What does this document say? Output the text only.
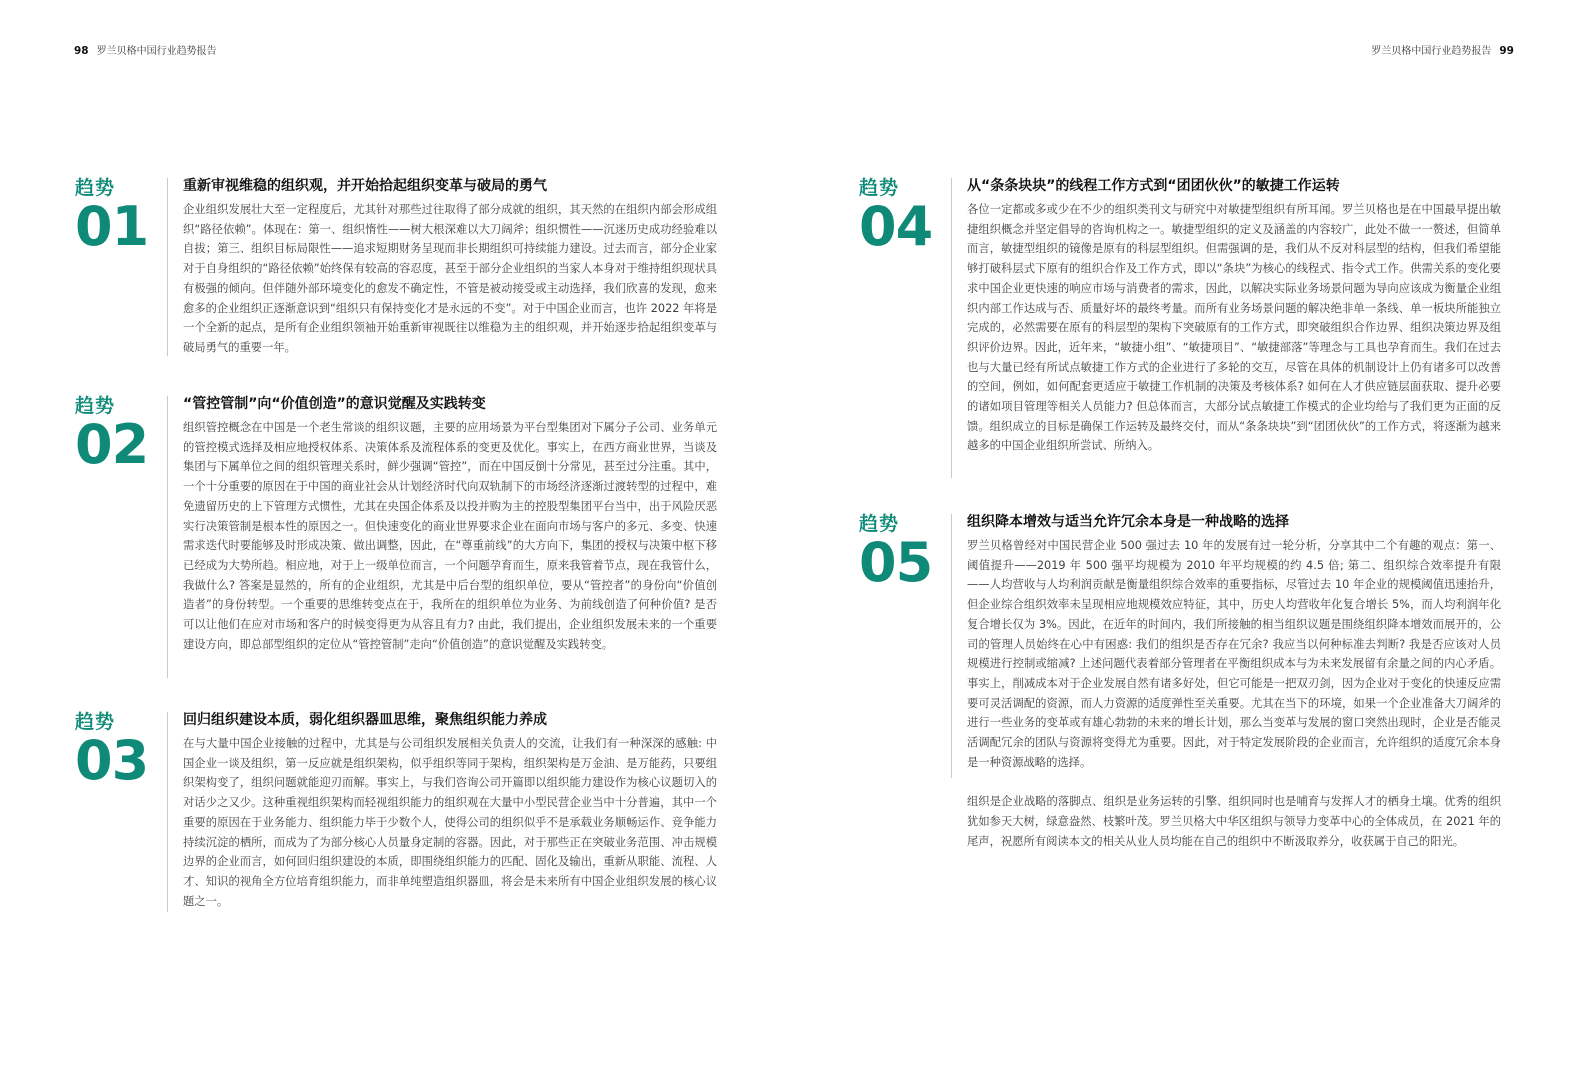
98 罗兰贝格中国行业趋势报告	罗兰贝格中国行业趋势报告 99
趋势
01
重新审视维稳的组织观，并开始拾起组织变革与破局的勇气

企业组织发展壮大至一定程度后，尤其针对那些过往取得了部分成就的组织，其天然的在组织内部会形成组织“路径依赖”。体现在：第一、组织惰性——树大根深难以大刀阔斧；组织惯性——沉迷历史成功经验难以自拔；第三、组织目标局限性——追求短期财务呈现而非长期组织可持续能力建设。过去而言，部分企业家对于自身组织的“路径依赖”始终保有较高的容忍度，甚至于部分企业组织的当家人本身对于维持组织现状具有极强的倾向。但伴随外部环境变化的愈发不确定性，不管是被动接受或主动选择，我们欣喜的发现，愈来愈多的企业组织正逐渐意识到“组织只有保持变化才是永远的不变”。对于中国企业而言，也许 2022 年将是一个全新的起点，是所有企业组织领袖开始重新审视既往以维稳为主的组织观，并开始逐步拾起组织变革与破局勇气的重要一年。

趋势
02
“管控管制”向“价值创造”的意识觉醒及实践转变

组织管控概念在中国是一个老生常谈的组织议题，主要的应用场景为平台型集团对下属分子公司、业务单元的管控模式选择及相应地授权体系、决策体系及流程体系的变更及优化。事实上，在西方商业世界，当谈及集团与下属单位之间的组织管理关系时，鲜少强调“管控”，而在中国反倒十分常见，甚至过分注重。其中，一个十分重要的原因在于中国的商业社会从计划经济时代向双轨制下的市场经济逐渐过渡转型的过程中，难免遗留历史的上下管理方式惯性，尤其在央国企体系及以投并购为主的控股型集团平台当中，出于风险厌恶实行决策管制是根本性的原因之一。但快速变化的商业世界要求企业在面向市场与客户的多元、多变、快速需求迭代时要能够及时形成决策、做出调整，因此，在“尊重前线”的大方向下，集团的授权与决策中枢下移已经成为大势所趋。相应地，对于上一级单位而言，一个问题孕育而生，原来我管着节点，现在我管什么，我做什么? 答案是显然的，所有的企业组织，尤其是中后台型的组织单位，要从“管控者”的身份向“价值创造者”的身份转型。一个重要的思维转变点在于，我所在的组织单位为业务、为前线创造了何种价值? 是否可以让他们在应对市场和客户的时候变得更为从容且有力? 由此，我们提出，企业组织发展未来的一个重要建设方向，即总部型组织的定位从“管控管制”走向“价值创造”的意识觉醒及实践转变。

趋势
03
回归组织建设本质，弱化组织器皿思维，聚焦组织能力养成

在与大量中国企业接触的过程中，尤其是与公司组织发展相关负责人的交流，让我们有一种深深的感触: 中国企业一谈及组织，第一反应就是组织架构，似乎组织等同于架构，组织架构是万金油、是万能药，只要组织架构变了，组织问题就能迎刃而解。事实上，与我们咨询公司开篇即以组织能力建设作为核心议题切入的对话少之又少。这种重视组织架构而轻视组织能力的组织观在大量中小型民营企业当中十分普遍，其中一个重要的原因在于业务能力、组织能力毕于少数个人，使得公司的组织似乎不是承载业务顺畅运作、竞争能力持续沉淀的栖所，而成为了为部分核心人员量身定制的容器。因此，对于那些正在突破业务范围、冲击规模边界的企业而言，如何回归组织建设的本质，即围绕组织能力的匹配、固化及输出，重新从职能、流程、人才、知识的视角全方位培育组织能力，而非单纯塑造组织器皿，将会是未来所有中国企业组织发展的核心议题之一。

趋势
04
从“条条块块”的线程工作方式到“团团伙伙”的敏捷工作运转

各位一定都或多或少在不少的组织类刊文与研究中对敏捷型组织有所耳闻。罗兰贝格也是在中国最早提出敏捷组织概念并坚定倡导的咨询机构之一。敏捷型组织的定义及涵盖的内容较广，此处不做一一赘述，但简单而言，敏捷型组织的镜像是原有的科层型组织。但需强调的是，我们从不反对科层型的结构，但我们希望能够打破科层式下原有的组织合作及工作方式，即以“条块”为核心的线程式、指令式工作。供需关系的变化要求中国企业更快速的响应市场与消费者的需求，因此，以解决实际业务场景问题为导向应该成为衡量企业组织内部工作达成与否、质量好坏的最终考量。而所有业务场景问题的解决绝非单一条线、单一板块所能独立完成的，必然需要在原有的科层型的架构下突破原有的工作方式，即突破组织合作边界、组织决策边界及组织评价边界。因此，近年来，“敏捷小组”、“敏捷项目”、“敏捷部落”等理念与工具也孕育而生。我们在过去也与大量已经有所试点敏捷工作方式的企业进行了多轮的交互，尽管在具体的机制设计上仍有诸多可以改善的空间，例如，如何配套更适应于敏捷工作机制的决策及考核体系? 如何在人才供应链层面获取、提升必要的诸如项目管理等相关人员能力? 但总体而言，大部分试点敏捷工作模式的企业均给与了我们更为正面的反馈。组织成立的目标是确保工作运转及最终交付，而从“条条块块”到“团团伙伙”的工作方式，将逐渐为越来越多的中国企业组织所尝试、所纳入。

趋势
05
组织降本增效与适当允许冗余本身是一种战略的选择

罗兰贝格曾经对中国民营企业 500 强过去 10 年的发展有过一轮分析，分享其中二个有趣的观点：第一、阈值提升——2019 年 500 强平均规模为 2010 年平均规模的约 4.5 倍; 第二、组织综合效率提升有限——人均营收与人均利润贡献是衡量组织综合效率的重要指标，尽管过去 10 年企业的规模阈值迅速抬升，但企业综合组织效率未呈现相应地规模效应特征，其中，历史人均营收年化复合增长 5%，而人均利润年化复合增长仅为 3%。因此，在近年的时间内，我们所接触的相当组织议题是围绕组织降本增效而展开的，公司的管理人员始终在心中有困惑: 我们的组织是否存在冗余? 我应当以何种标准去判断? 我是否应该对人员规模进行控制或缩减? 上述问题代表着部分管理者在平衡组织成本与为未来发展留有余量之间的内心矛盾。事实上，削减成本对于企业发展自然有诸多好处，但它可能是一把双刃剑，因为企业对于变化的快速反应需要可灵活调配的资源，而人力资源的适度弹性至关重要。尤其在当下的环境，如果一个企业准备大刀阔斧的进行一些业务的变革或有雄心勃勃的未来的增长计划，那么当变革与发展的窗口突然出现时，企业是否能灵活调配冗余的团队与资源将变得尤为重要。因此，对于特定发展阶段的企业而言，允许组织的适度冗余本身是一种资源战略的选择。

组织是企业战略的落脚点、组织是业务运转的引擎、组织同时也是哺育与发挥人才的栖身土壤。优秀的组织犹如参天大树，绿意盎然、枝繁叶茂。罗兰贝格大中华区组织与领导力变革中心的全体成员，在 2021 年的尾声，祝愿所有阅读本文的相关从业人员均能在自己的组织中不断汲取养分，收获属于自己的阳光。
